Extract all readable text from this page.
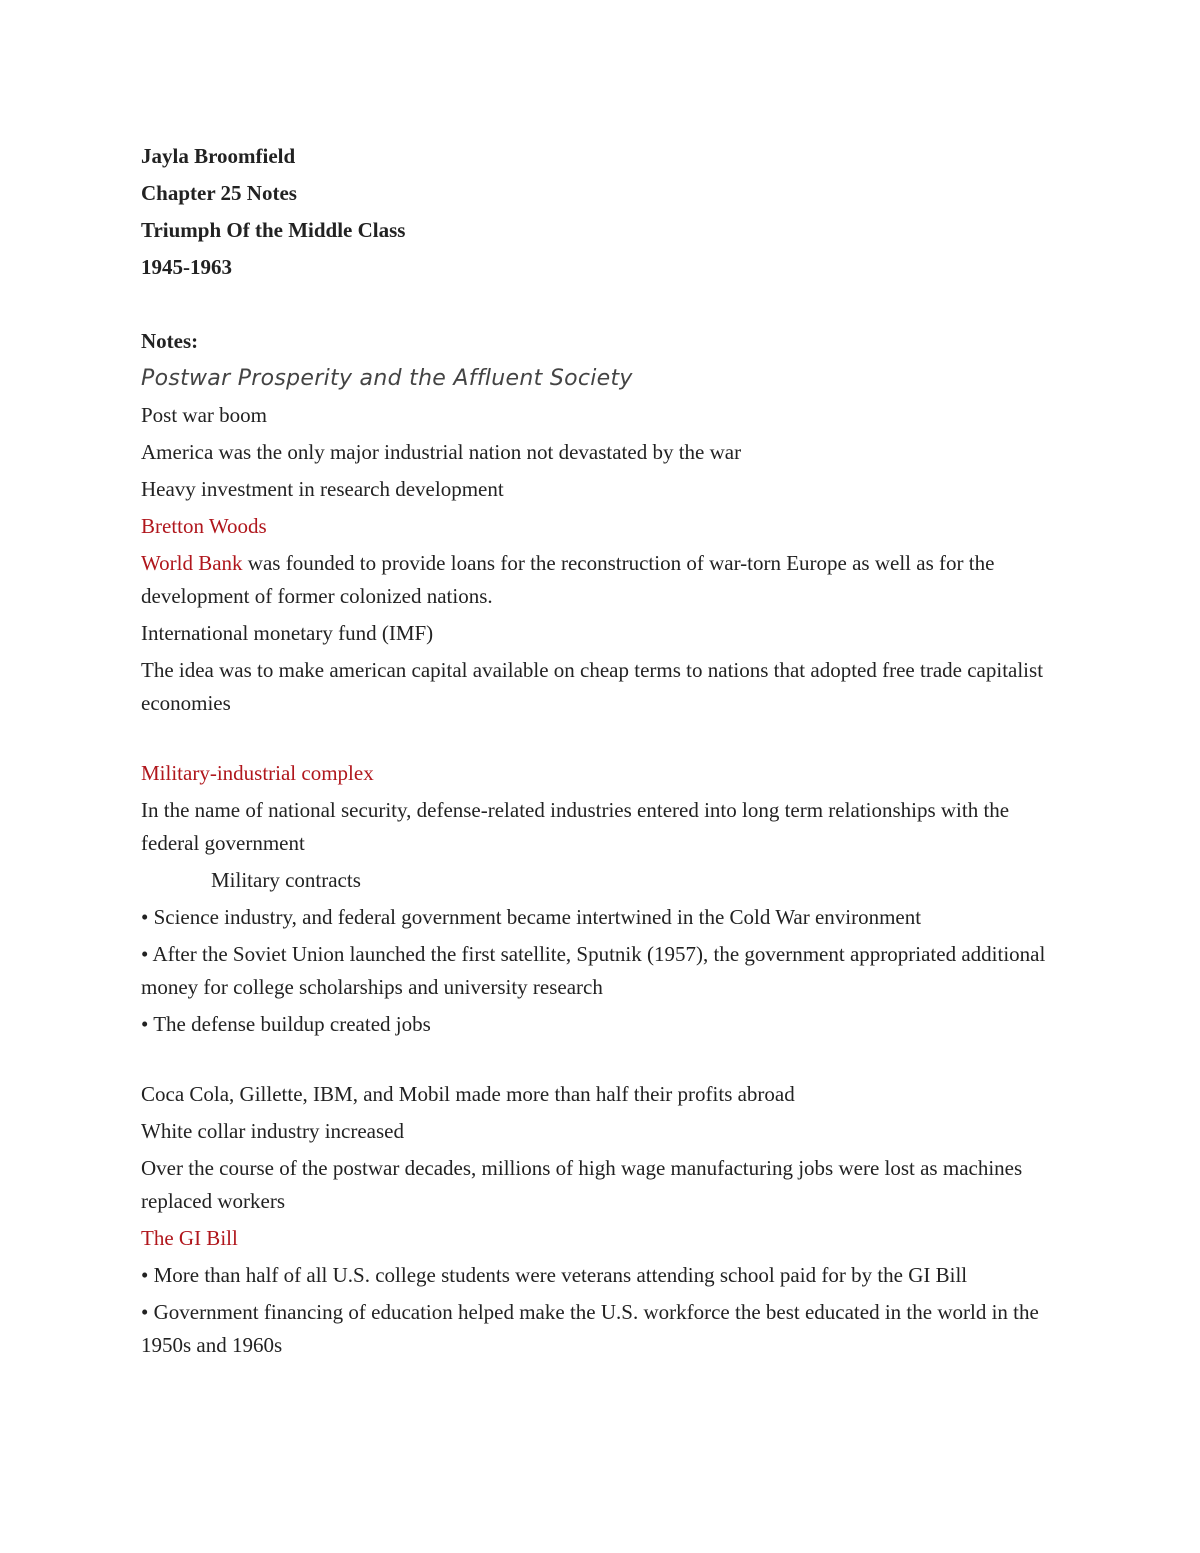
Jayla Broomfield
Chapter 25 Notes
Triumph Of the Middle Class
1945-1963
Notes:
Postwar Prosperity and the Affluent Society
Post war boom
America was the only major industrial nation not devastated by the war
Heavy investment in research development
Bretton Woods
World Bank was founded to provide loans for the reconstruction of war-torn Europe as well as for the development of former colonized nations.
International monetary fund (IMF)
The idea was to make american capital available on cheap terms to nations that adopted free trade capitalist economies
Military-industrial complex
In the name of national security, defense-related industries entered into long term relationships with the federal government
Military contracts
• Science industry, and federal government became intertwined in the Cold War environment
• After the Soviet Union launched the first satellite, Sputnik (1957), the government appropriated additional money for college scholarships and university research
• The defense buildup created jobs
Coca Cola, Gillette, IBM, and Mobil made more than half their profits abroad
White collar industry increased
Over the course of the postwar decades, millions of high wage manufacturing jobs were lost as machines replaced workers
The GI Bill
• More than half of all U.S. college students were veterans attending school paid for by the GI Bill
• Government financing of education helped make the U.S. workforce the best educated in the world in the 1950s and 1960s
